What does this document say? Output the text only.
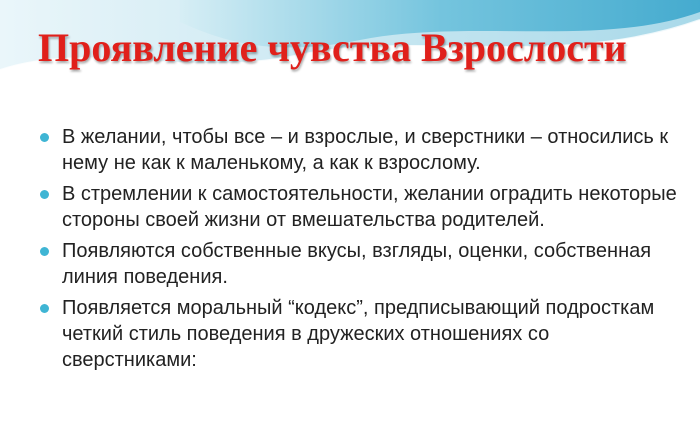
Проявление чувства Взрослости
В желании, чтобы все – и взрослые, и сверстники – относились к нему не как к маленькому, а как к взрослому.
В стремлении к самостоятельности, желании оградить некоторые стороны своей жизни от вмешательства родителей.
Появляются собственные вкусы, взгляды, оценки, собственная линия поведения.
Появляется моральный “кодекс”, предписывающий подросткам четкий стиль поведения в дружеских отношениях со сверстниками:
